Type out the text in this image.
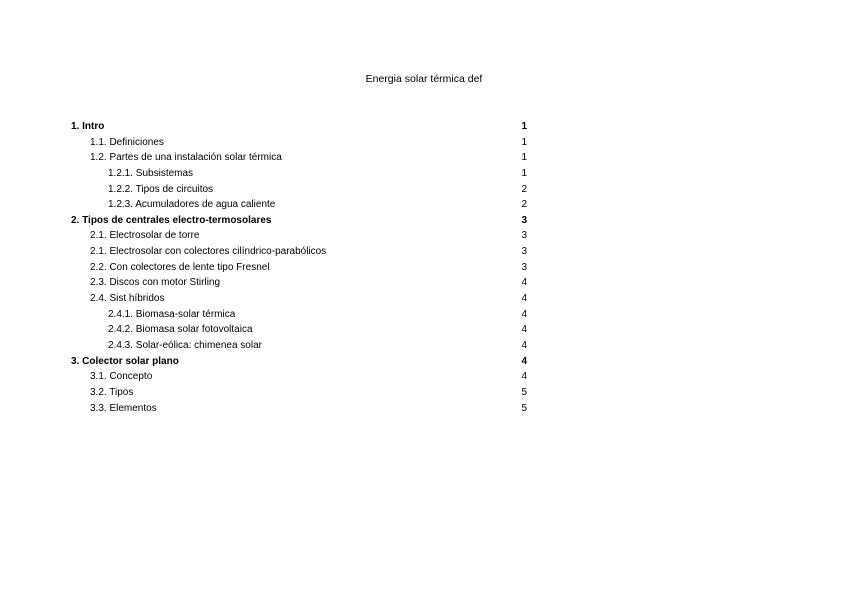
Energia solar térmica def
1. Intro	1
1.1. Definiciones	1
1.2. Partes de una instalación solar térmica	1
1.2.1. Subsistemas	1
1.2.2. Tipos de circuitos	2
1.2.3. Acumuladores de agua caliente	2
2. Tipos de centrales electro-termosolares	3
2.1. Electrosolar de torre	3
2.1. Electrosolar con colectores cilíndrico-parabólicos	3
2.2. Con colectores de lente tipo Fresnel	3
2.3. Discos con motor Stirling	4
2.4. Sist híbridos	4
2.4.1. Biomasa-solar térmica	4
2.4.2. Biomasa solar fotovoltaica	4
2.4.3. Solar-eólica: chimenea solar	4
3. Colector solar plano	4
3.1. Concepto	4
3.2. Tipos	5
3.3. Elementos	5
